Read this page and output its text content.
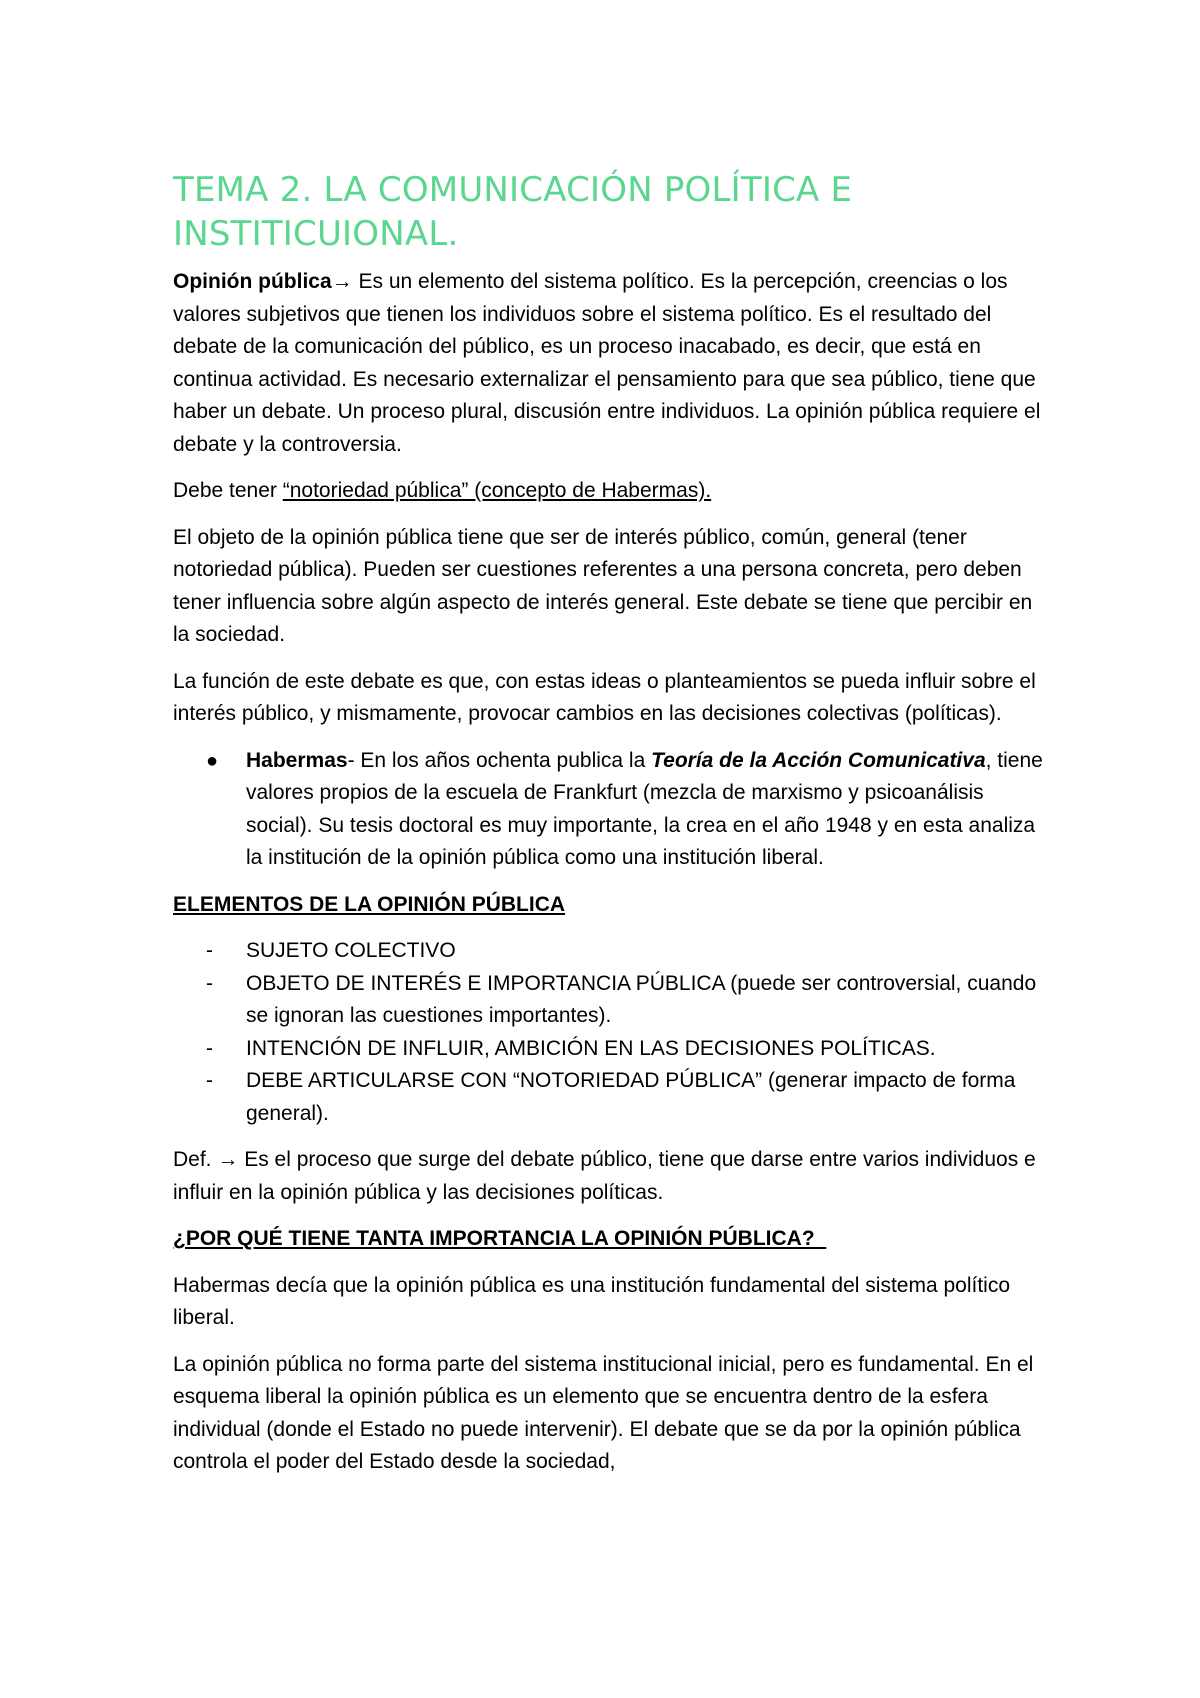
TEMA 2. LA COMUNICACIÓN POLÍTICA E INSTITICUIONAL.

Opinión pública→ Es un elemento del sistema político. Es la percepción, creencias o los valores subjetivos que tienen los individuos sobre el sistema político. Es el resultado del debate de la comunicación del público, es un proceso inacabado, es decir, que está en continua actividad. Es necesario externalizar el pensamiento para que sea público, tiene que haber un debate. Un proceso plural, discusión entre individuos. La opinión pública requiere el debate y la controversia.

Debe tener “notoriedad pública” (concepto de Habermas).

El objeto de la opinión pública tiene que ser de interés público, común, general (tener notoriedad pública). Pueden ser cuestiones referentes a una persona concreta, pero deben tener influencia sobre algún aspecto de interés general. Este debate se tiene que percibir en la sociedad.

La función de este debate es que, con estas ideas o planteamientos se pueda influir sobre el interés público, y mismamente, provocar cambios en las decisiones colectivas (políticas).

● Habermas- En los años ochenta publica la Teoría de la Acción Comunicativa, tiene valores propios de la escuela de Frankfurt (mezcla de marxismo y psicoanálisis social). Su tesis doctoral es muy importante, la crea en el año 1948 y en esta analiza la institución de la opinión pública como una institución liberal.
ELEMENTOS DE LA OPINIÓN PÚBLICA
- SUJETO COLECTIVO
- OBJETO DE INTERÉS E IMPORTANCIA PÚBLICA (puede ser controversial, cuando se ignoran las cuestiones importantes).
- INTENCIÓN DE INFLUIR, AMBICIÓN EN LAS DECISIONES POLÍTICAS.
- DEBE ARTICULARSE CON “NOTORIEDAD PÚBLICA” (generar impacto de forma general).

Def. → Es el proceso que surge del debate público, tiene que darse entre varios individuos e influir en la opinión pública y las decisiones políticas.

¿POR QUÉ TIENE TANTA IMPORTANCIA LA OPINIÓN PÚBLICA?

Habermas decía que la opinión pública es una institución fundamental del sistema político liberal.

La opinión pública no forma parte del sistema institucional inicial, pero es fundamental. En el esquema liberal la opinión pública es un elemento que se encuentra dentro de la esfera individual (donde el Estado no puede intervenir). El debate que se da por la opinión pública controla el poder del Estado desde la sociedad,
